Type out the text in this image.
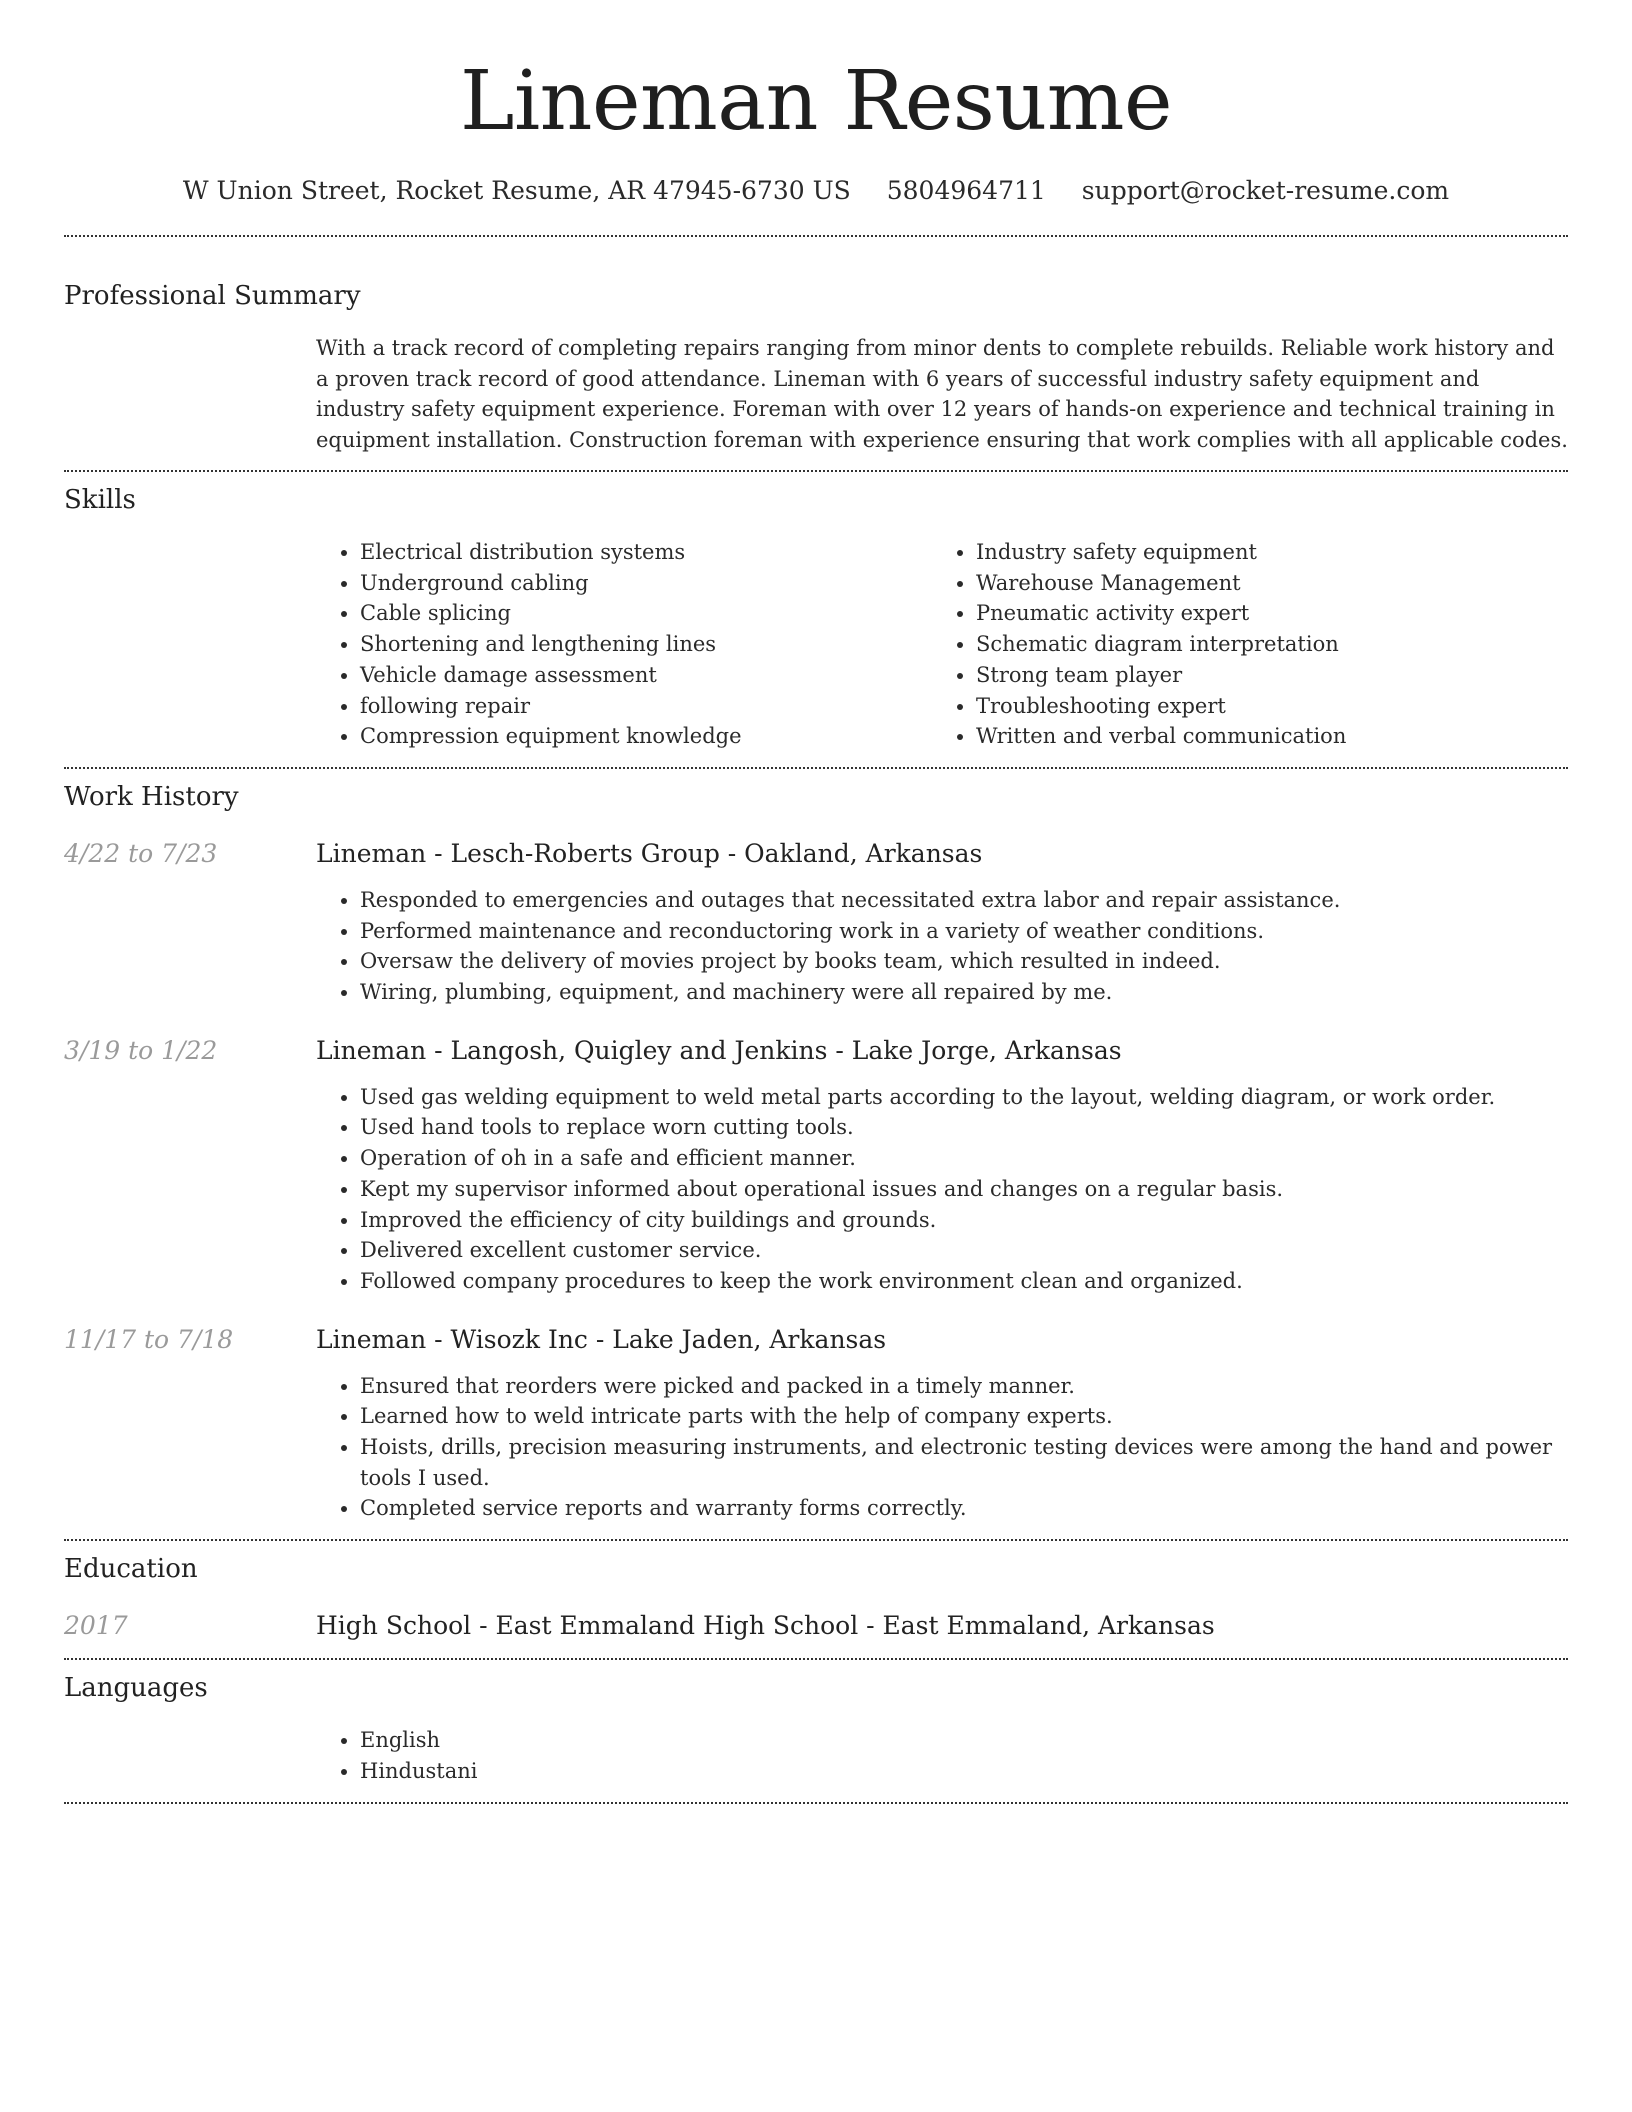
Lineman Resume
W Union Street, Rocket Resume, AR 47945-6730 US 5804964711 support@rocket-resume.com
Professional Summary

With a track record of completing repairs ranging from minor dents to complete rebuilds. Reliable work history and a proven track record of good attendance. Lineman with 6 years of successful industry safety equipment and industry safety equipment experience. Foreman with over 12 years of hands-on experience and technical training in equipment installation. Construction foreman with experience ensuring that work complies with all applicable codes.

Skills
• Electrical distribution systems
• Underground cabling
• Cable splicing
• Shortening and lengthening lines
• Vehicle damage assessment
• following repair
• Compression equipment knowledge
• Industry safety equipment
• Warehouse Management
• Pneumatic activity expert
• Schematic diagram interpretation
• Strong team player
• Troubleshooting expert
• Written and verbal communication
Work History
4/22 to 7/23	Lineman - Lesch-Roberts Group - Oakland, Arkansas
• Responded to emergencies and outages that necessitated extra labor and repair assistance.
• Performed maintenance and reconductoring work in a variety of weather conditions.
• Oversaw the delivery of movies project by books team, which resulted in indeed.
• Wiring, plumbing, equipment, and machinery were all repaired by me.
3/19 to 1/22	Lineman - Langosh, Quigley and Jenkins - Lake Jorge, Arkansas
• Used gas welding equipment to weld metal parts according to the layout, welding diagram, or work order.
• Used hand tools to replace worn cutting tools.
• Operation of oh in a safe and efficient manner.
• Kept my supervisor informed about operational issues and changes on a regular basis.
• Improved the efficiency of city buildings and grounds.
• Delivered excellent customer service.
• Followed company procedures to keep the work environment clean and organized.
11/17 to 7/18	Lineman - Wisozk Inc - Lake Jaden, Arkansas
• Ensured that reorders were picked and packed in a timely manner.
• Learned how to weld intricate parts with the help of company experts.
• Hoists, drills, precision measuring instruments, and electronic testing devices were among the hand and power tools I used.
• Completed service reports and warranty forms correctly.
Education
2017	High School - East Emmaland High School - East Emmaland, Arkansas
Languages
• English
• Hindustani
